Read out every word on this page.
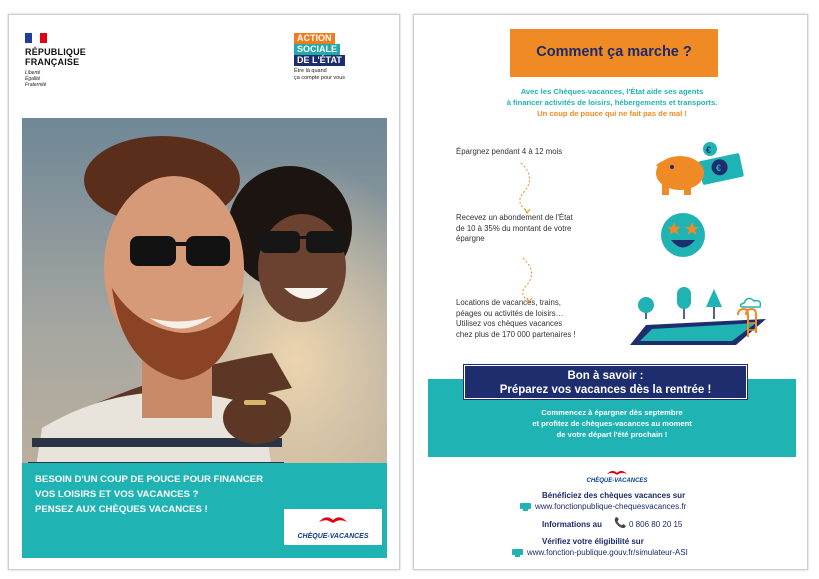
RÉPUBLIQUE
FRANÇAISE
Liberté
Égalité
Fraternité
ACTION
SOCIALE
DE L'ÉTAT
Être là quand
ça compte pour vous
BESOIN D'UN COUP DE POUCE POUR FINANCER
VOS LOISIRS ET VOS VACANCES ?
PENSEZ AUX CHÈQUES VACANCES !
CHÈQUE-VACANCES
Comment ça marche ?
Avec les Chèques-vacances, l'État aide ses agents
à financer activités de loisirs, hébergements et transports.
Un coup de pouce qui ne fait pas de mal !
Épargnez pendant 4 à 12 mois
Recevez un abondement de l'État
de 10 à 35% du montant de votre
épargne
Locations de vacances, trains,
péages ou activités de loisirs…
Utilisez vos chèques vacances
chez plus de 170 000 partenaires !
€
€
Commencez à épargner dès septembre
et profitez de chèques-vacances au moment
de votre départ l'été prochain !
Bon à savoir :
Préparez vos vacances dès la rentrée !
CHÈQUE-VACANCES
Bénéficiez des chèques vacances sur
www.fonctionpublique-chequesvacances.fr
Informations au 📞 0 806 80 20 15
Vérifiez votre éligibilité sur
www.fonction-publique.gouv.fr/simulateur-ASI
